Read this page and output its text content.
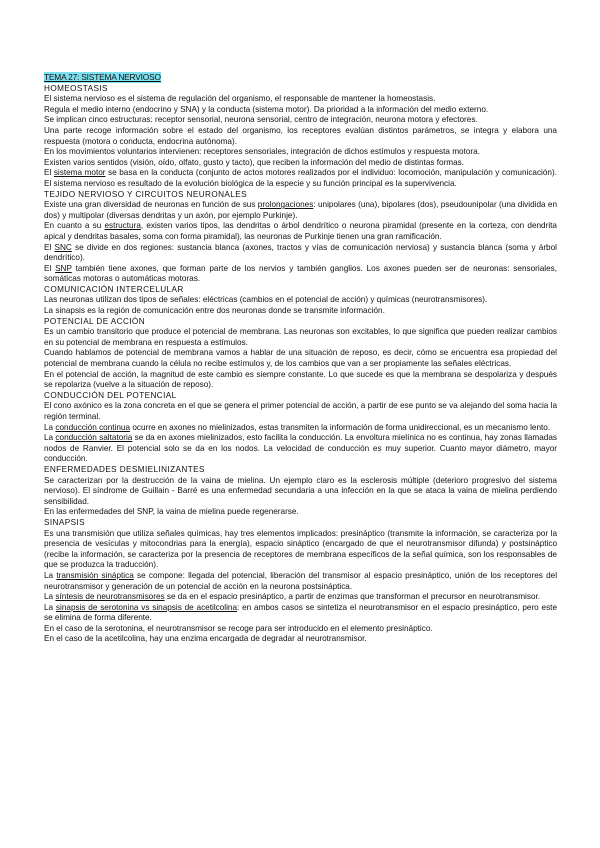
TEMA 27: SISTEMA NERVIOSO
HOMEOSTASIS

El sistema nervioso es el sistema de regulación del organismo, el responsable de mantener la homeostasis.

Regula el medio interno (endocrino y SNA) y la conducta (sistema motor). Da prioridad a la información del medio externo.

Se implican cinco estructuras: receptor sensorial, neurona sensorial, centro de integración, neurona motora y efectores.

Una parte recoge información sobre el estado del organismo, los receptores evalúan distintos parámetros, se integra y elabora una respuesta (motora o conducta, endocrina autónoma).

En los movimientos voluntarios intervienen: receptores sensoriales, integración de dichos estímulos y respuesta motora.

Existen varios sentidos (visión, oído, olfato, gusto y tacto), que reciben la información del medio de distintas formas.

El sistema motor se basa en la conducta (conjunto de actos motores realizados por el individuo: locomoción, manipulación y comunicación). El sistema nervioso es resultado de la evolución biológica de la especie y su función principal es la supervivencia.

TEJIDO NERVIOSO Y CIRCUITOS NEURONALES

Existe una gran diversidad de neuronas en función de sus prolongaciones: unipolares (una), bipolares (dos), pseudounipolar (una dividida en dos) y multipolar (diversas dendritas y un axón, por ejemplo Purkinje).

En cuanto a su estructura, existen varios tipos, las dendritas o árbol dendrítico o neurona piramidal (presente en la corteza, con dendrita apical y dendritas basales, soma con forma piramidal), las neuronas de Purkinje tienen una gran ramificación.

El SNC se divide en dos regiones: sustancia blanca (axones, tractos y vías de comunicación nerviosa) y sustancia blanca (soma y árbol dendrítico).

El SNP también tiene axones, que forman parte de los nervios y también ganglios. Los axones pueden ser de neuronas: sensoriales, somáticas motoras o automáticas motoras.

COMUNICACIÓN INTERCELULAR

Las neuronas utilizan dos tipos de señales: eléctricas (cambios en el potencial de acción) y químicas (neurotransmisores).

La sinapsis es la región de comunicación entre dos neuronas donde se transmite información.

POTENCIAL DE ACCIÓN

Es un cambio transitorio que produce el potencial de membrana. Las neuronas son excitables, lo que significa que pueden realizar cambios en su potencial de membrana en respuesta a estímulos.

Cuando hablamos de potencial de membrana vamos a hablar de una situación de reposo, es decir, cómo se encuentra esa propiedad del potencial de membrana cuando la célula no recibe estímulos y, de los cambios que van a ser propiamente las señales eléctricas.

En el potencial de acción, la magnitud de este cambio es siempre constante. Lo que sucede es que la membrana se despolariza y después se repolariza (vuelve a la situación de reposo).

CONDUCCIÓN DEL POTENCIAL

El cono axónico es la zona concreta en el que se genera el primer potencial de acción, a partir de ese punto se va alejando del soma hacia la región terminal.

La conducción continua ocurre en axones no mielinizados, estas transmiten la información de forma unidireccional, es un mecanismo lento.

La conducción saltatoria se da en axones mielinizados, esto facilita la conducción. La envoltura mielínica no es continua, hay zonas llamadas nodos de Ranvier. El potencial solo se da en los nodos. La velocidad de conducción es muy superior. Cuanto mayor diámetro, mayor conducción.

ENFERMEDADES DESMIELINIZANTES

Se caracterizan por la destrucción de la vaina de mielina. Un ejemplo claro es la esclerosis múltiple (deterioro progresivo del sistema nervioso). El síndrome de Guillain - Barré es una enfermedad secundaria a una infección en la que se ataca la vaina de mielina perdiendo sensibilidad.

En las enfermedades del SNP, la vaina de mielina puede regenerarse.

SINAPSIS

Es una transmisión que utiliza señales químicas, hay tres elementos implicados: presináptico (transmite la información, se caracteriza por la presencia de vesículas y mitocondrias para la energía), espacio sináptico (encargado de que el neurotransmisor difunda) y postsináptico (recibe la información, se caracteriza por la presencia de receptores de membrana específicos de la señal química, son los responsables de que se produzca la traducción).

La transmisión sináptica se compone: llegada del potencial, liberación del transmisor al espacio presináptico, unión de los receptores del neurotransmisor y generación de un potencial de acción en la neurona postsináptica.

La síntesis de neurotransmisores se da en el espacio presináptico, a partir de enzimas que transforman el precursor en neurotransmisor.

La sinapsis de serotonina vs sinapsis de acetilcolina: en ambos casos se sintetiza el neurotransmisor en el espacio presináptico, pero este se elimina de forma diferente.

En el caso de la serotonina, el neurotransmisor se recoge para ser introducido en el elemento presináptico.

En el caso de la acetilcolina, hay una enzima encargada de degradar al neurotransmisor.
